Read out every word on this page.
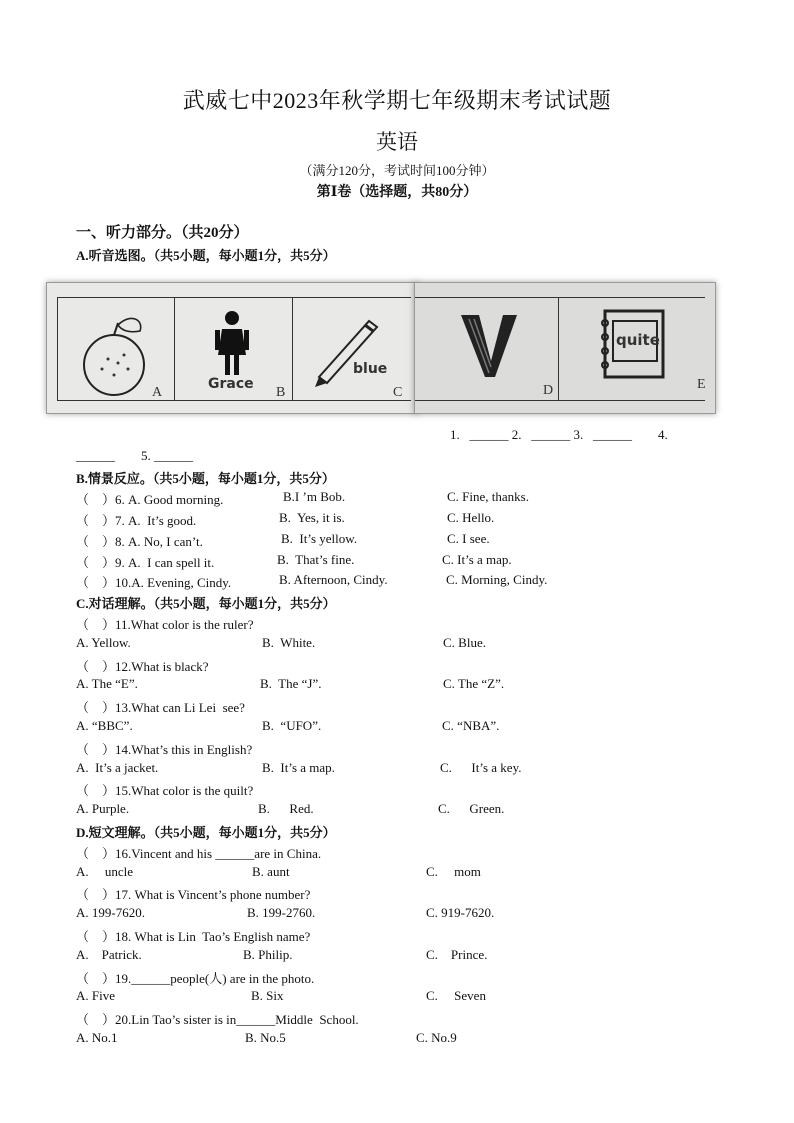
武威七中2023年秋学期七年级期末考试试题
英语
（满分120分，考试时间100分钟）
第Ⅰ卷（选择题，共80分）
一、听力部分。（共20分）
A.听音选图。（共5小题，每小题1分，共5分）
A
Grace
B
blue
C	D
quite
E
1.   ______ 2.   ______ 3.   ______        4.
______        5. ______
B.情景反应。（共5小题，每小题1分，共5分）
（    ）6. A. Good morning.	B.I ’m Bob.	C. Fine, thanks.
（    ）7. A.  It’s good.	B.  Yes, it is.	C. Hello.
（    ）8. A. No, I can’t.	B.  It’s yellow.	C. I see.
（    ）9. A.  I can spell it.	B.  That’s fine.	C. It’s a map.
（    ）10.A. Evening, Cindy.	B. Afternoon, Cindy.	C. Morning, Cindy.
C.对话理解。（共5小题，每小题1分，共5分）
（    ）11.What color is the ruler?
A. Yellow.	B.  White.	C. Blue.
（    ）12.What is black?
A. The “E”.	B.  The “J”.	C. The “Z”.
（    ）13.What can Li Lei  see?
A. “BBC”.	B.  “UFO”.	C. “NBA”.
（    ）14.What’s this in English?
A.  It’s a jacket.	B.  It’s a map.	C.      It’s a key.
（    ）15.What color is the quilt?
A. Purple.	B.      Red.	C.      Green.
D.短文理解。（共5小题，每小题1分，共5分）
（    ）16.Vincent and his ______are in China.
A.     uncle	B. aunt	C.     mom
（    ）17. What is Vincent’s phone number?
A. 199-7620.	B. 199-2760.	C. 919-7620.
（    ）18. What is Lin  Tao’s English name?
A.    Patrick.	B. Philip.	C.    Prince.
（    ）19.______people(人) are in the photo.
A. Five	B. Six	C.     Seven
（    ）20.Lin Tao’s sister is in______Middle  School.
A. No.1	B. No.5	C. No.9
